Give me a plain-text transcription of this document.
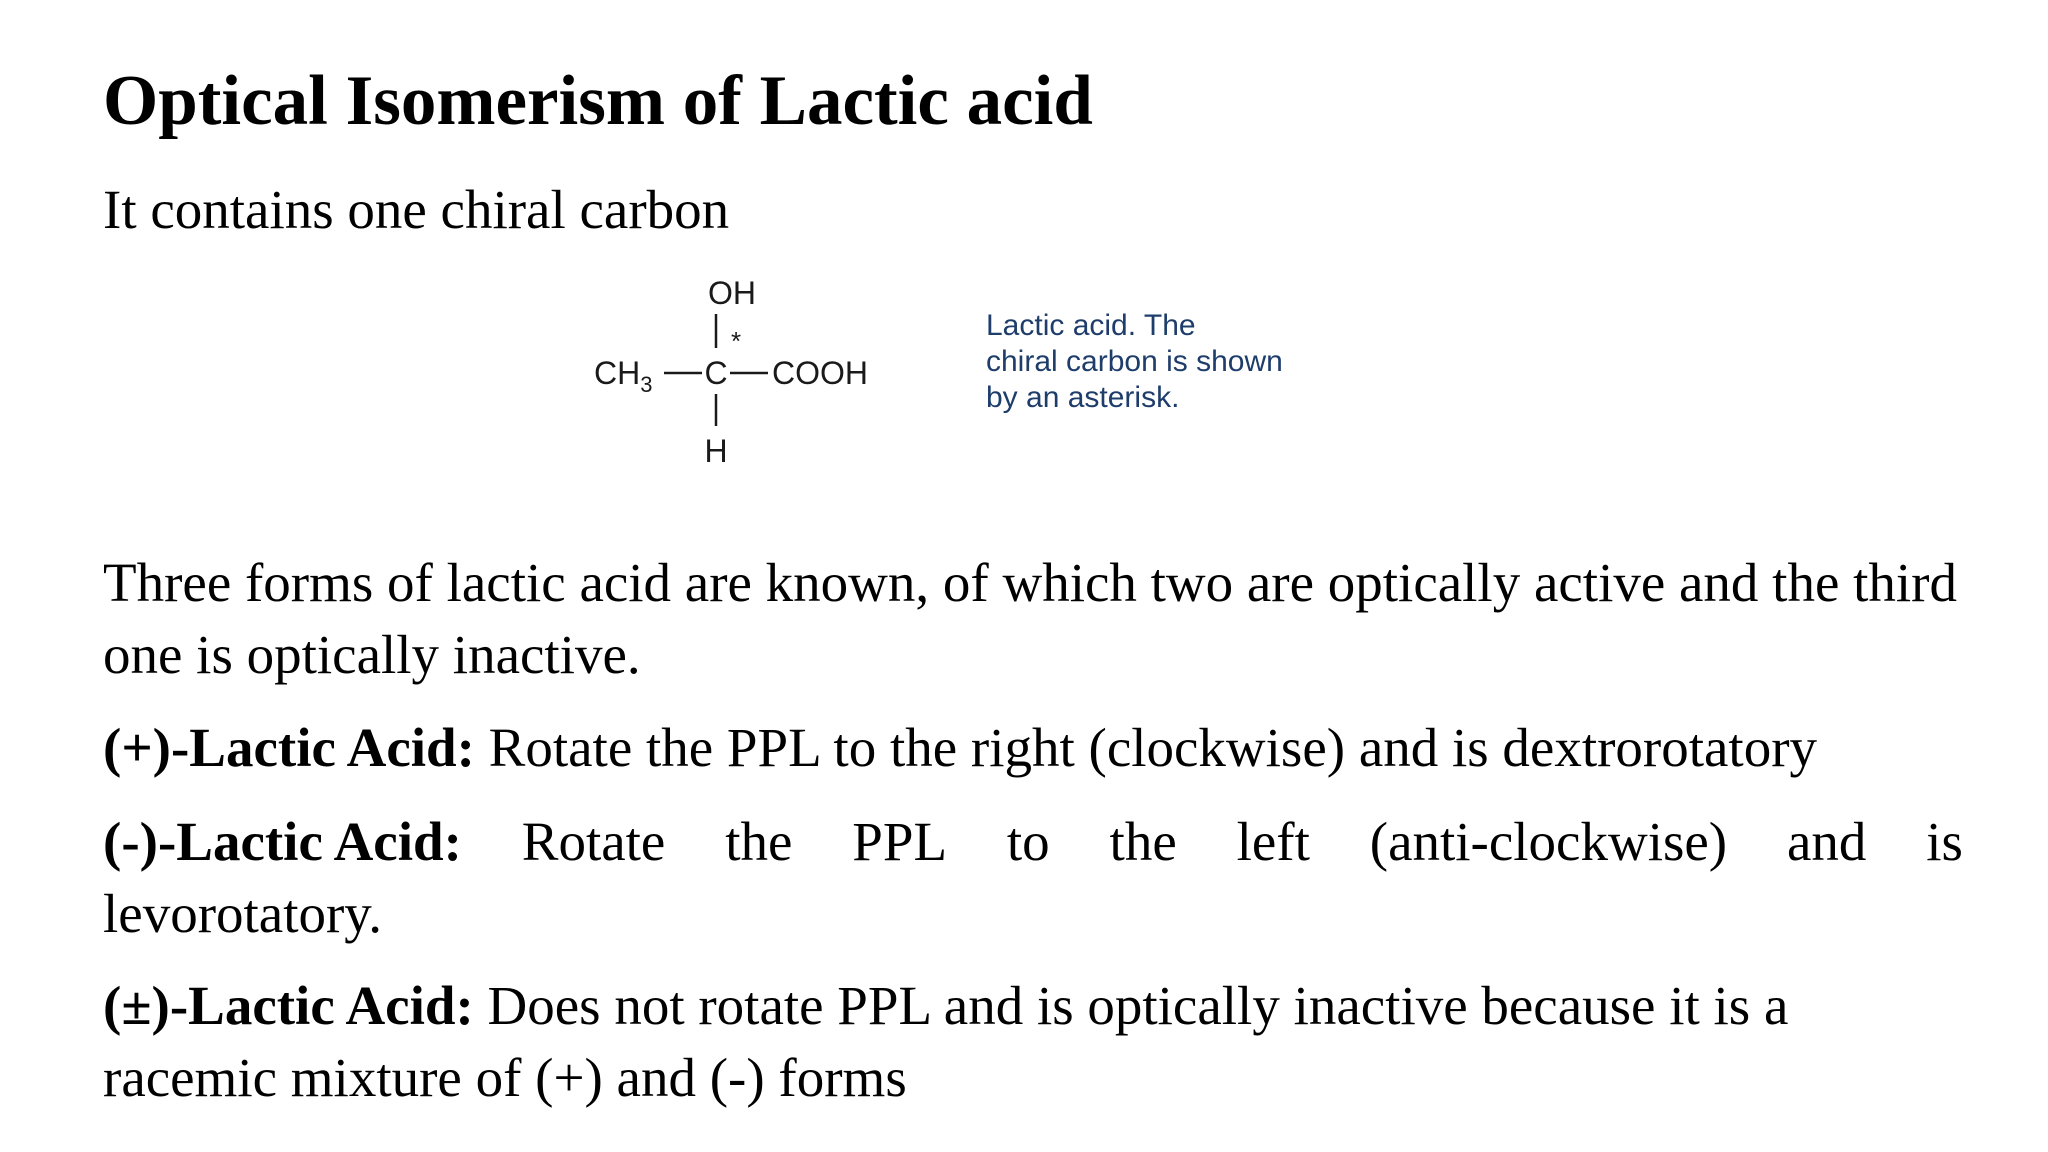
Optical Isomerism of Lactic acid

It contains one chiral carbon

OH
*
$CH_3$ C COOH
H

Lactic acid. The
chiral carbon is shown
by an asterisk.

Three forms of lactic acid are known, of which two are optically active and the third one is optically inactive.

(+)-Lactic Acid: Rotate the PPL to the right (clockwise) and is dextrorotatory

(-)-Lactic Acid: Rotate the PPL to the left (anti-clockwise) and is
levorotatory.

(±)-Lactic Acid: Does not rotate PPL and is optically inactive because it is a racemic mixture of (+) and (-) forms
